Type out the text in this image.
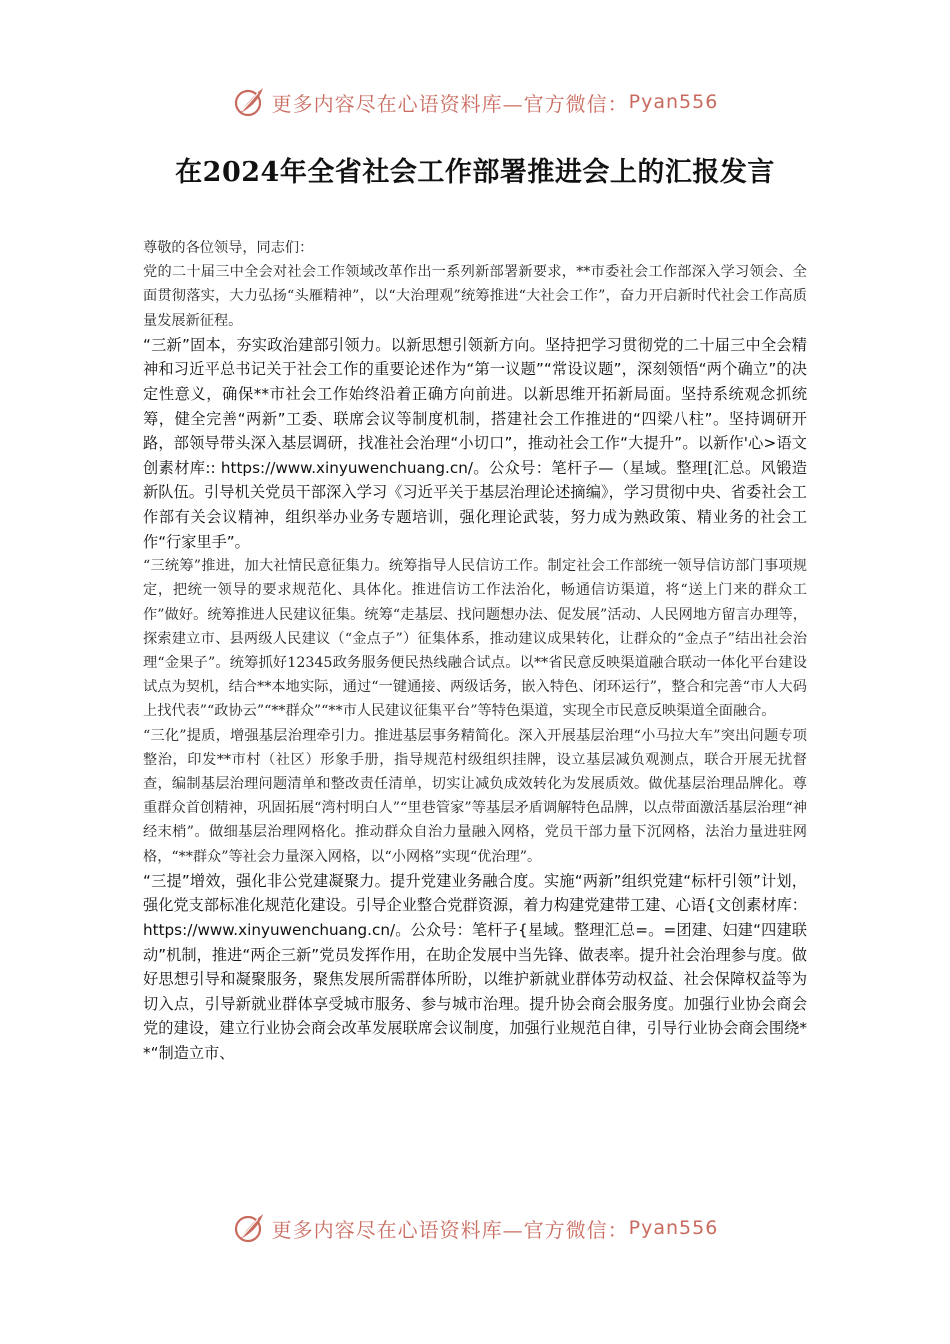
更多内容尽在心语资料库—官方微信： Pyan556
在2024年全省社会工作部署推进会上的汇报发言

尊敬的各位领导，同志们：

党的二十届三中全会对社会工作领域改革作出一系列新部署新要求，**市委社会工作部深入学习领会、全面贯彻落实，大力弘扬“头雁精神”，以“大治理观”统筹推进“大社会工作”，奋力开启新时代社会工作高质量发展新征程。

“三新”固本，夯实政治建部引领力。以新思想引领新方向。坚持把学习贯彻党的二十届三中全会精神和习近平总书记关于社会工作的重要论述作为“第一议题”“常设议题”，深刻领悟“两个确立”的决定性意义，确保**市社会工作始终沿着正确方向前进。以新思维开拓新局面。坚持系统观念抓统筹，健全完善“两新”工委、联席会议等制度机制，搭建社会工作推进的“四梁八柱”。坚持调研开路，部领导带头深入基层调研，找准社会治理“小切口”，推动社会工作“大提升”。以新作'心>语文创素材库:: https://www.xinyuwenchuang.cn/。公众号：笔杆子—（星域。整理[汇总。风锻造新队伍。引导机关党员干部深入学习《习近平关于基层治理论述摘编》，学习贯彻中央、省委社会工作部有关会议精神，组织举办业务专题培训，强化理论武装，努力成为熟政策、精业务的社会工作“行家里手”。

“三统筹”推进，加大社情民意征集力。统筹指导人民信访工作。制定社会工作部统一领导信访部门事项规定，把统一领导的要求规范化、具体化。推进信访工作法治化，畅通信访渠道，将“送上门来的群众工作”做好。统筹推进人民建议征集。统筹“走基层、找问题想办法、促发展”活动、人民网地方留言办理等，探索建立市、县两级人民建议（“金点子”）征集体系，推动建议成果转化，让群众的“金点子”结出社会治理“金果子”。统筹抓好12345政务服务便民热线融合试点。以**省民意反映渠道融合联动一体化平台建设试点为契机，结合**本地实际，通过“一键通接、两级话务，嵌入特色、闭环运行”，整合和完善“市人大码上找代表”“政协云”“**群众”“**市人民建议征集平台”等特色渠道，实现全市民意反映渠道全面融合。

“三化”提质，增强基层治理牵引力。推进基层事务精简化。深入开展基层治理“小马拉大车”突出问题专项整治，印发**市村（社区）形象手册，指导规范村级组织挂牌，设立基层减负观测点，联合开展无扰督查，编制基层治理问题清单和整改责任清单，切实让减负成效转化为发展质效。做优基层治理品牌化。尊重群众首创精神，巩固拓展“湾村明白人”“里巷管家”等基层矛盾调解特色品牌，以点带面激活基层治理“神经末梢”。做细基层治理网格化。推动群众自治力量融入网格，党员干部力量下沉网格，法治力量进驻网格，“**群众”等社会力量深入网格，以“小网格”实现“优治理”。

“三提”增效，强化非公党建凝聚力。提升党建业务融合度。实施“两新”组织党建“标杆引领”计划，强化党支部标准化规范化建设。引导企业整合党群资源，着力构建党建带工建、心语{文创素材库：https://www.xinyuwenchuang.cn/。公众号：笔杆子{星域。整理汇总=。=团建、妇建“四建联动”机制，推进“两企三新”党员发挥作用，在助企发展中当先锋、做表率。提升社会治理参与度。做好思想引导和凝聚服务，聚焦发展所需群体所盼，以维护新就业群体劳动权益、社会保障权益等为切入点，引导新就业群体享受城市服务、参与城市治理。提升协会商会服务度。加强行业协会商会党的建设，建立行业协会商会改革发展联席会议制度，加强行业规范自律，引导行业协会商会围绕**“制造立市、

更多内容尽在心语资料库—官方微信： Pyan556
